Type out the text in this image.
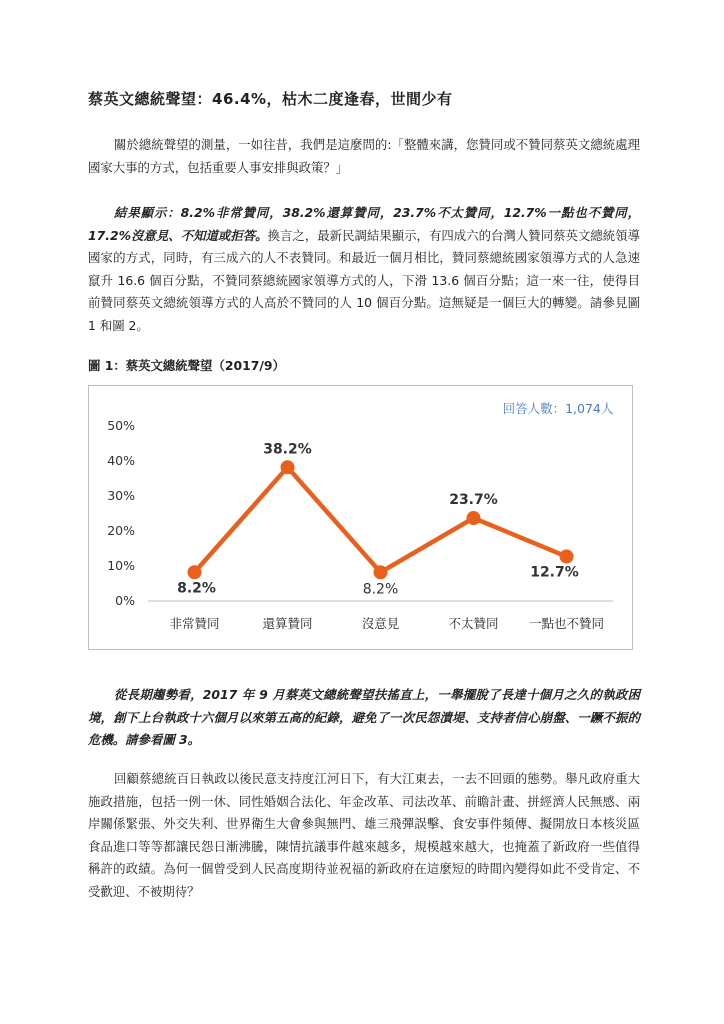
蔡英文總統聲望：46.4%，枯木二度逢春，世間少有
關於總統聲望的測量，一如往昔，我們是這麼問的:「整體來講，您贊同或不贊同蔡英文總統處理國家大事的方式，包括重要人事安排與政策？」
結果顯示：8.2%非常贊同，38.2%還算贊同，23.7%不太贊同，12.7%一點也不贊同，17.2%沒意見、不知道或拒答。換言之，最新民調結果顯示，有四成六的台灣人贊同蔡英文總統領導國家的方式，同時，有三成六的人不表贊同。和最近一個月相比，贊同蔡總統國家領導方式的人急速竄升 16.6 個百分點，不贊同蔡總統國家領導方式的人，下滑 13.6 個百分點；這一來一往，使得目前贊同蔡英文總統領導方式的人高於不贊同的人 10 個百分點。這無疑是一個巨大的轉變。請參見圖 1 和圖 2。
圖 1：蔡英文總統聲望（2017/9）
回答人數：1,074人
0%
10%
20%
30%
40%
50%
非常贊同	還算贊同	沒意見	不太贊同 一點也不贊同
8.2%
38.2%
8.2%
23.7%
12.7%
從長期趨勢看，2017 年 9 月蔡英文總統聲望扶搖直上，一舉擺脫了長達十個月之久的執政困境，創下上台執政十六個月以來第五高的紀錄，避免了一次民怨潰堤、支持者信心崩盤、一蹶不振的危機。請參看圖 3。
回顧蔡總統百日執政以後民意支持度江河日下，有大江東去，一去不回頭的態勢。舉凡政府重大施政措施，包括一例一休、同性婚姻合法化、年金改革、司法改革、前瞻計畫、拼經濟人民無感、兩岸關係緊張、外交失利、世界衛生大會參與無門、雄三飛彈誤擊、食安事件頻傳、擬開放日本核災區食品進口等等都讓民怨日漸沸騰，陳情抗議事件越來越多，規模越來越大，也掩蓋了新政府一些值得稱許的政績。為何一個曾受到人民高度期待並祝福的新政府在這麼短的時間內變得如此不受肯定、不受歡迎、不被期待？
